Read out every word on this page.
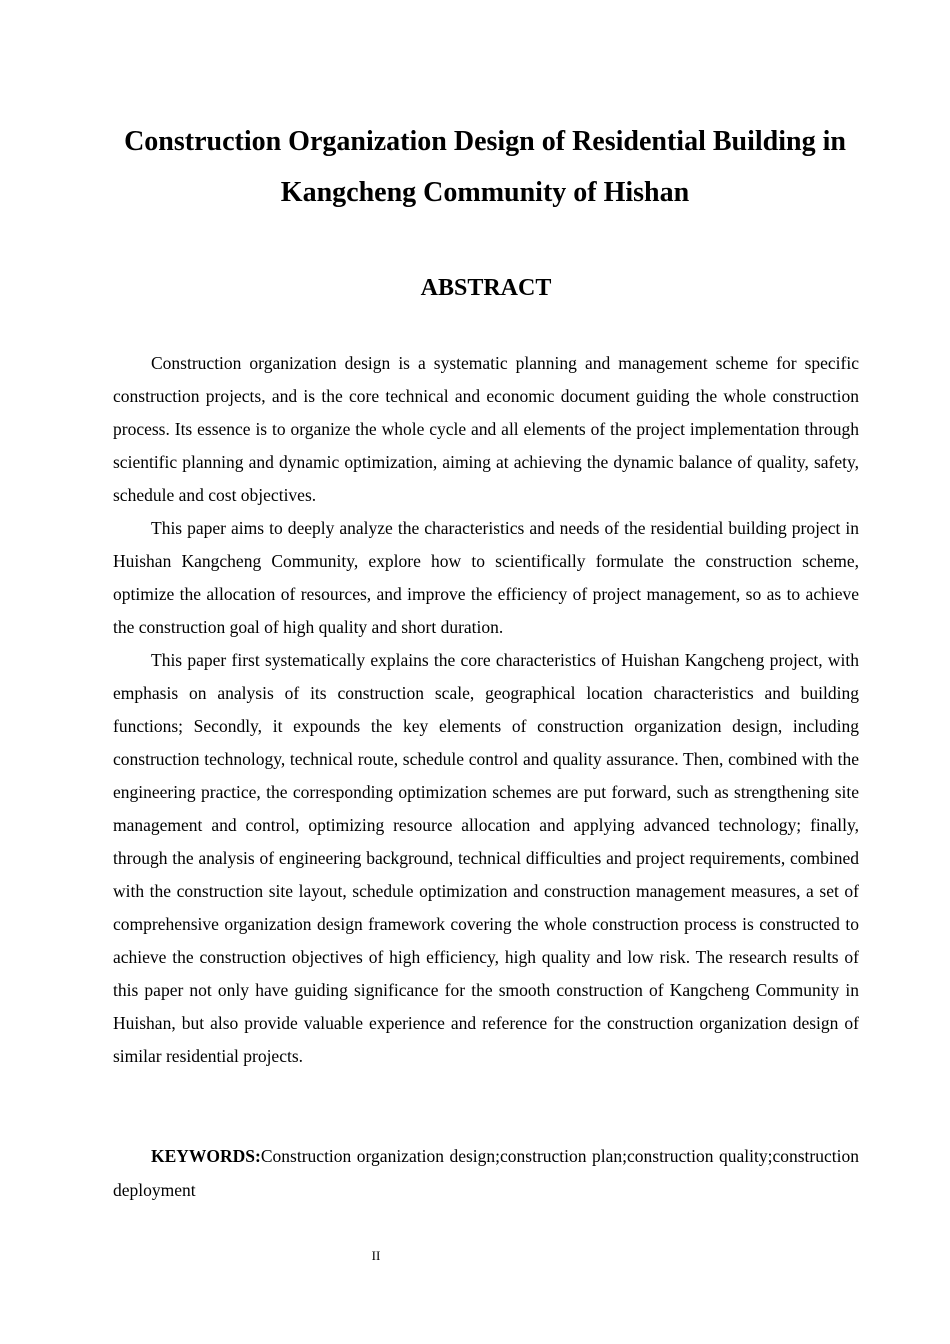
Construction Organization Design of Residential Building in Kangcheng Community of Hishan
ABSTRACT

Construction organization design is a systematic planning and management scheme for specific construction projects, and is the core technical and economic document guiding the whole construction process. Its essence is to organize the whole cycle and all elements of the project implementation through scientific planning and dynamic optimization, aiming at achieving the dynamic balance of quality, safety, schedule and cost objectives.

This paper aims to deeply analyze the characteristics and needs of the residential building project in Huishan Kangcheng Community, explore how to scientifically formulate the construction scheme, optimize the allocation of resources, and improve the efficiency of project management, so as to achieve the construction goal of high quality and short duration.

This paper first systematically explains the core characteristics of Huishan Kangcheng project, with emphasis on analysis of its construction scale, geographical location characteristics and building functions; Secondly, it expounds the key elements of construction organization design, including construction technology, technical route, schedule control and quality assurance. Then, combined with the engineering practice, the corresponding optimization schemes are put forward, such as strengthening site management and control, optimizing resource allocation and applying advanced technology; finally, through the analysis of engineering background, technical difficulties and project requirements, combined with the construction site layout, schedule optimization and construction management measures, a set of comprehensive organization design framework covering the whole construction process is constructed to achieve the construction objectives of high efficiency, high quality and low risk. The research results of this paper not only have guiding significance for the smooth construction of Kangcheng Community in Huishan, but also provide valuable experience and reference for the construction organization design of similar residential projects.

KEYWORDS:Construction organization design;construction plan;construction quality;construction deployment

II
